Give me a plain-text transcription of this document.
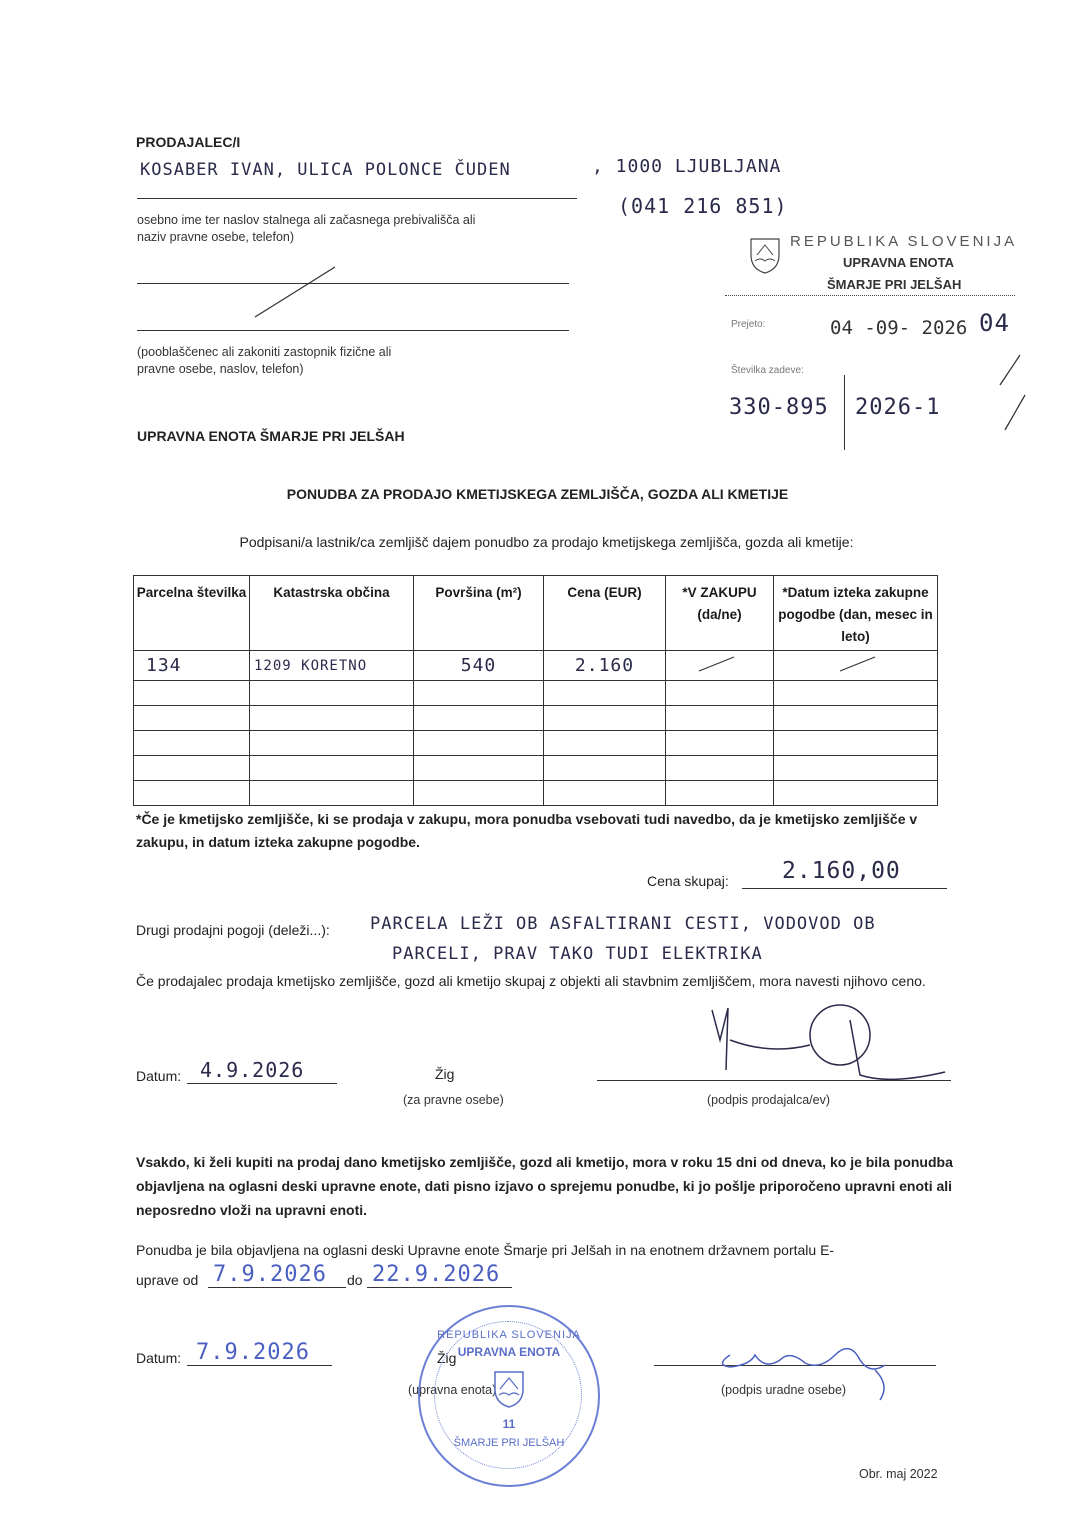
PRODAJALEC/I
KOSABER IVAN, ULICA POLONCE ČUDEN	, 1000 LJUBLJANA
(041 216 851)
osebno ime ter naslov stalnega ali začasnega prebivališča ali
naziv pravne osebe, telefon)
(pooblaščenec ali zakoniti zastopnik fizične ali
pravne osebe, naslov, telefon)
REPUBLIKA SLOVENIJA
UPRAVNA ENOTA
ŠMARJE PRI JELŠAH
Prejeto:	04 -09- 2026 04
Številka zadeve:
330-895 2026-1
UPRAVNA ENOTA ŠMARJE PRI JELŠAH
PONUDBA ZA PRODAJO KMETIJSKEGA ZEMLJIŠČA, GOZDA ALI KMETIJE
Podpisani/a lastnik/ca zemljišč dajem ponudbo za prodajo kmetijskega zemljišča, gozda ali kmetije:
Parcelna številka	Katastrska občina	Površina (m²)	Cena (EUR)	*V ZAKUPU (da/ne)	*Datum izteka zakupne pogodbe (dan, mesec in leto)
134	1209 KORETNO	540	2.160		

*Če je kmetijsko zemljišče, ki se prodaja v zakupu, mora ponudba vsebovati tudi navedbo, da je kmetijsko zemljišče v zakupu, in datum izteka zakupne pogodbe.
Cena skupaj: 2.160,00
Drugi prodajni pogoji (deleži...): PARCELA LEŽI OB ASFALTIRANI CESTI, VODOVOD OB
PARCELI, PRAV TAKO TUDI ELEKTRIKA
Če prodajalec prodaja kmetijsko zemljišče, gozd ali kmetijo skupaj z objekti ali stavbnim zemljiščem, mora navesti njihovo ceno.
Datum: 4.9.2026	Žig
(za pravne osebe)	(podpis prodajalca/ev)
Vsakdo, ki želi kupiti na prodaj dano kmetijsko zemljišče, gozd ali kmetijo, mora v roku 15 dni od dneva, ko je bila ponudba objavljena na oglasni deski upravne enote, dati pisno izjavo o sprejemu ponudbe, ki jo pošlje priporočeno upravni enoti ali neposredno vloži na upravni enoti.
Ponudba je bila objavljena na oglasni deski Upravne enote Šmarje pri Jelšah in na enotnem državnem portalu E-
uprave od 7.9.2026 do 22.9.2026
Datum: 7.9.2026	Žig
(upravna enota)
REPUBLIKA SLOVENIJA
UPRAVNA ENOTA
11
ŠMARJE PRI JELŠAH
(podpis uradne osebe)
Obr. maj 2022
